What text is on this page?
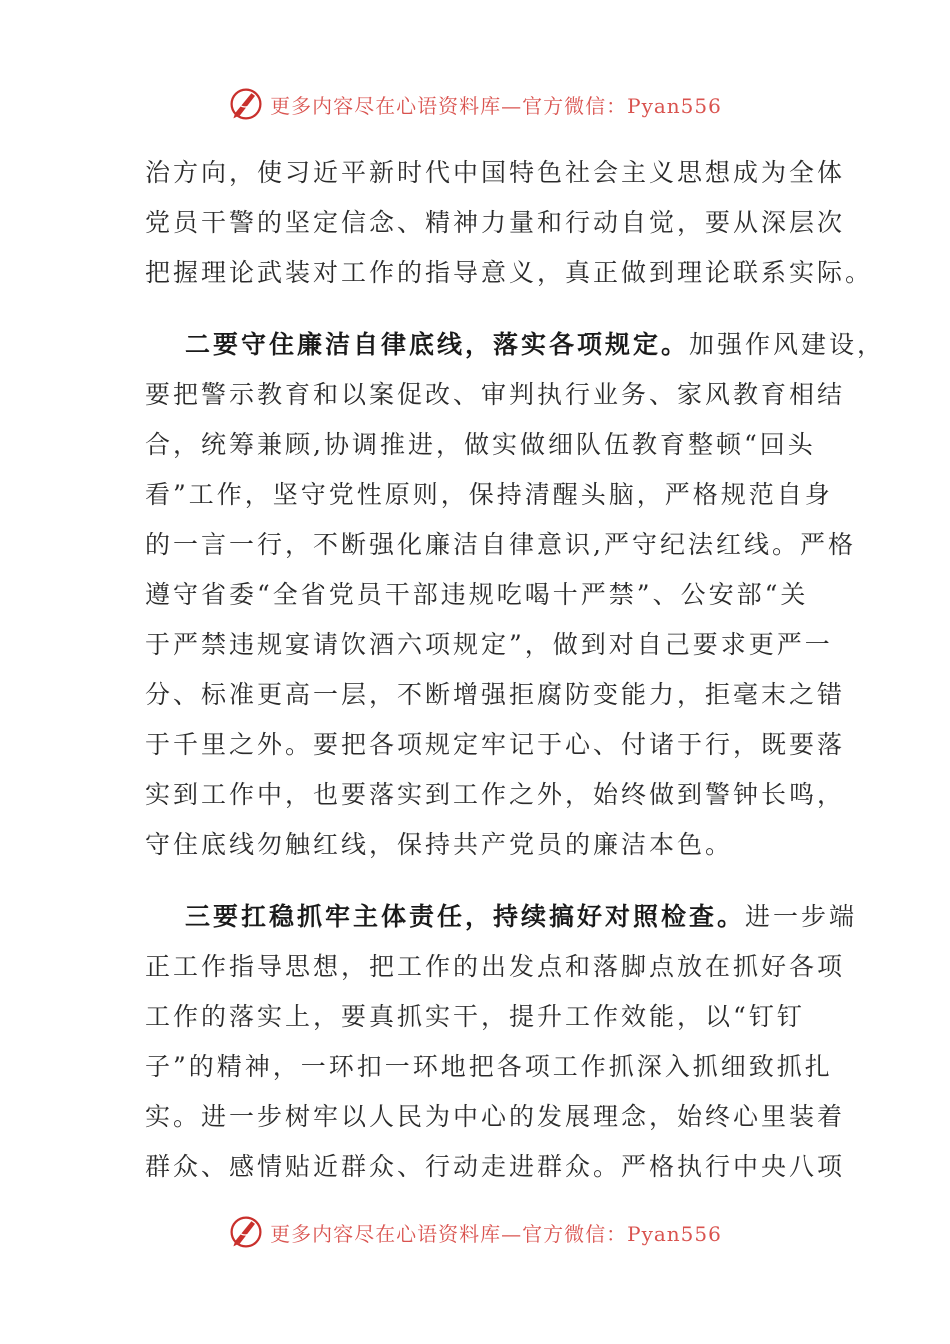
更多内容尽在心语资料库—官方微信：Pyan556
治方向，使习近平新时代中国特色社会主义思想成为全体
党员干警的坚定信念、精神力量和行动自觉，要从深层次
把握理论武装对工作的指导意义，真正做到理论联系实际。
二要守住廉洁自律底线，落实各项规定。加强作风建设，
要把警示教育和以案促改、审判执行业务、家风教育相结
合，统筹兼顾,协调推进，做实做细队伍教育整顿“回头
看”工作，坚守党性原则，保持清醒头脑，严格规范自身
的一言一行，不断强化廉洁自律意识,严守纪法红线。严格
遵守省委“全省党员干部违规吃喝十严禁”、公安部“关
于严禁违规宴请饮酒六项规定”，做到对自己要求更严一
分、标准更高一层，不断增强拒腐防变能力，拒毫末之错
于千里之外。要把各项规定牢记于心、付诸于行，既要落
实到工作中，也要落实到工作之外，始终做到警钟长鸣，
守住底线勿触红线，保持共产党员的廉洁本色。
三要扛稳抓牢主体责任，持续搞好对照检查。进一步端
正工作指导思想，把工作的出发点和落脚点放在抓好各项
工作的落实上，要真抓实干，提升工作效能，以“钉钉
子”的精神，一环扣一环地把各项工作抓深入抓细致抓扎
实。进一步树牢以人民为中心的发展理念，始终心里装着
群众、感情贴近群众、行动走进群众。严格执行中央八项
更多内容尽在心语资料库—官方微信：Pyan556
